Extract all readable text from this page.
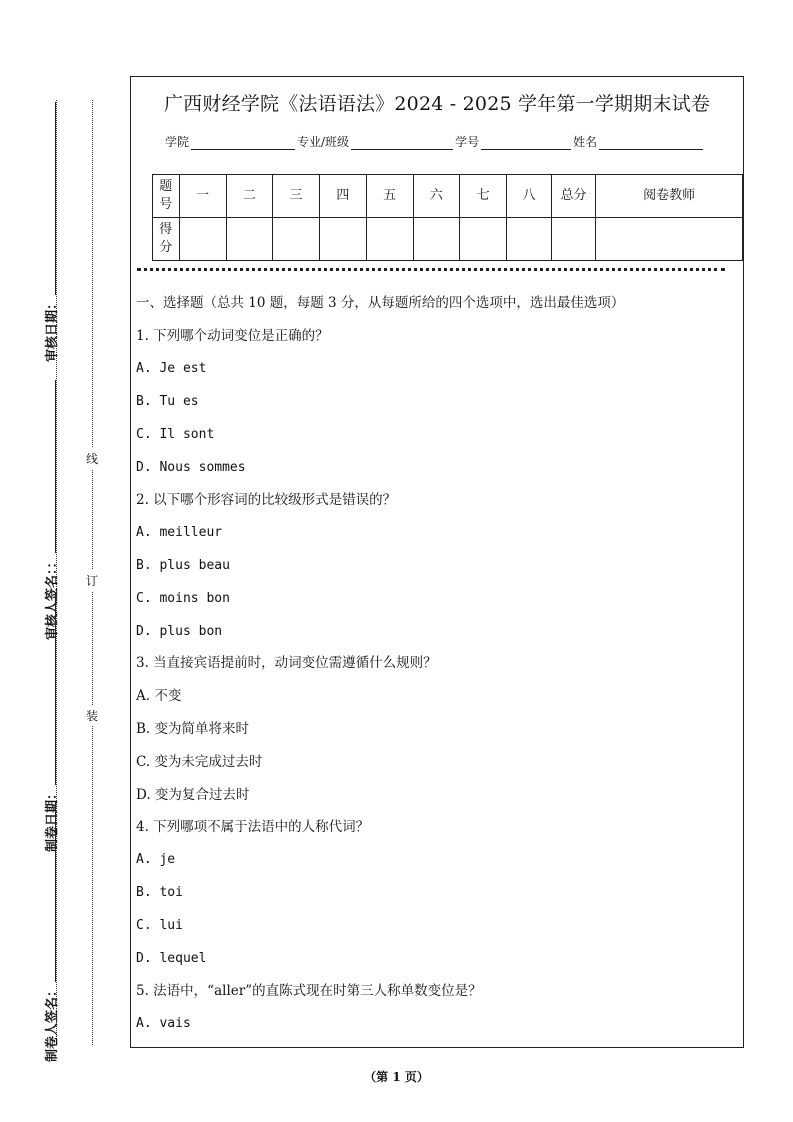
审核日期：
审核人签名：：
制卷日期：
制卷人签名：
线
订
装
广西财经学院《法语语法》2024 - 2025 学年第一学期期末试卷
学院	专业/班级	学号	姓名
题号	一	二	三	四	五	六	七	八	总分	阅卷教师
得分										
一、选择题（总共 10 题，每题 3 分，从每题所给的四个选项中，选出最佳选项）
1. 下列哪个动词变位是正确的？
A. Je est
B. Tu es
C. Il sont
D. Nous sommes
2. 以下哪个形容词的比较级形式是错误的？
A. meilleur
B. plus beau
C. moins bon
D. plus bon
3. 当直接宾语提前时，动词变位需遵循什么规则？
A. 不变
B. 变为简单将来时
C. 变为未完成过去时
D. 变为复合过去时
4. 下列哪项不属于法语中的人称代词？
A. je
B. toi
C. lui
D. lequel
5. 法语中，“aller”的直陈式现在时第三人称单数变位是？
A. vais
（第 1 页）
